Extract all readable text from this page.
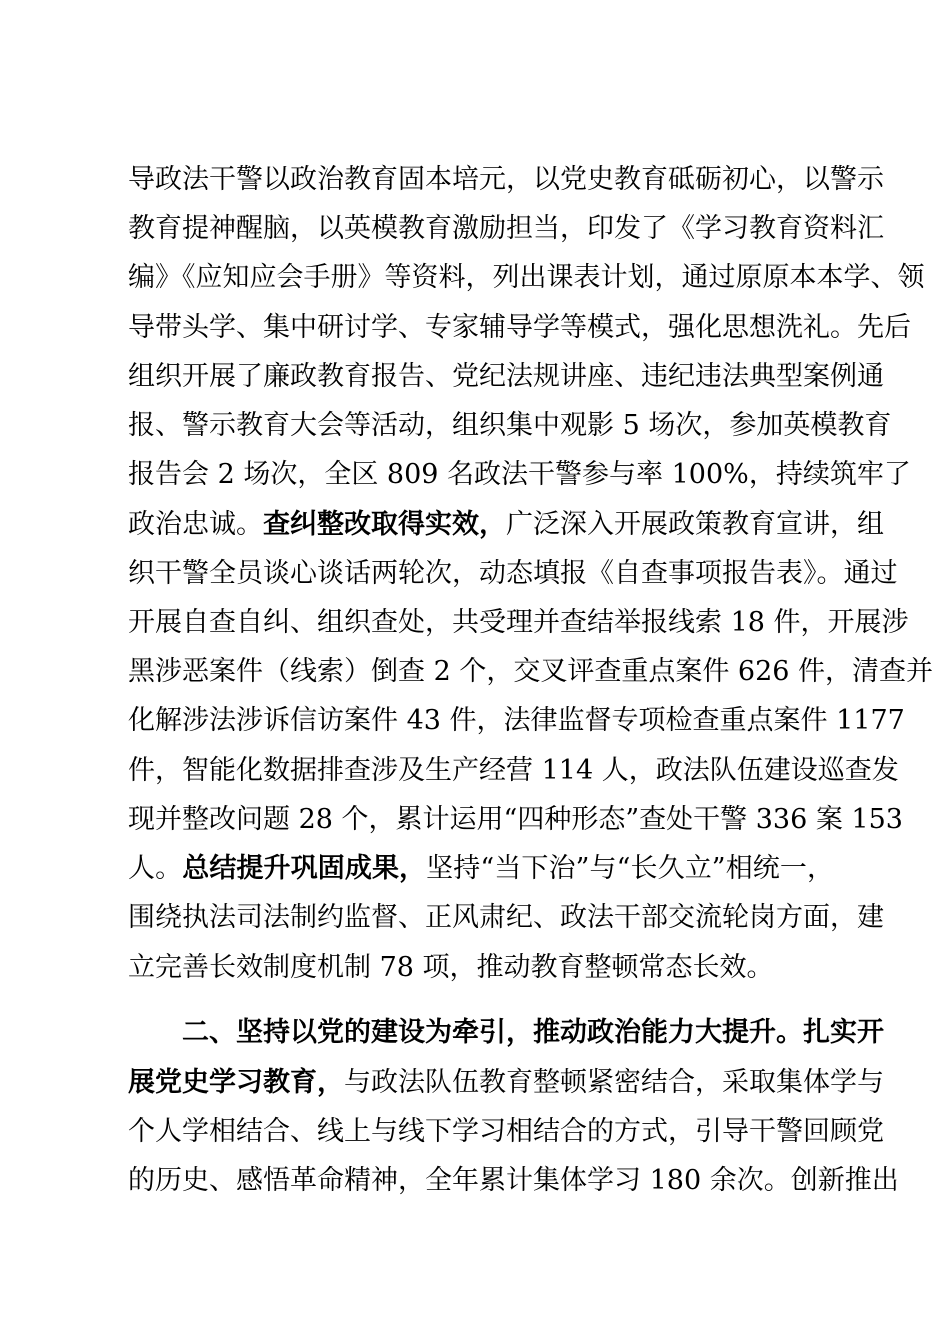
导政法干警以政治教育固本培元，以党史教育砥砺初心，以警示
教育提神醒脑，以英模教育激励担当，印发了《学习教育资料汇
编》《应知应会手册》等资料，列出课表计划，通过原原本本学、领
导带头学、集中研讨学、专家辅导学等模式，强化思想洗礼。先后
组织开展了廉政教育报告、党纪法规讲座、违纪违法典型案例通
报、警示教育大会等活动，组织集中观影 5 场次，参加英模教育
报告会 2 场次，全区 809 名政法干警参与率 100%，持续筑牢了
政治忠诚。查纠整改取得实效，广泛深入开展政策教育宣讲，组
织干警全员谈心谈话两轮次，动态填报《自查事项报告表》。通过
开展自查自纠、组织查处，共受理并查结举报线索 18 件，开展涉
黑涉恶案件（线索）倒查 2 个，交叉评查重点案件 626 件，清查并
化解涉法涉诉信访案件 43 件，法律监督专项检查重点案件 1177
件，智能化数据排查涉及生产经营 114 人，政法队伍建设巡查发
现并整改问题 28 个，累计运用“四种形态”查处干警 336 案 153
人。总结提升巩固成果，坚持“当下治”与“长久立”相统一，
围绕执法司法制约监督、正风肃纪、政法干部交流轮岗方面，建
立完善长效制度机制 78 项，推动教育整顿常态长效。
二、坚持以党的建设为牵引，推动政治能力大提升。扎实开
展党史学习教育，与政法队伍教育整顿紧密结合，采取集体学与
个人学相结合、线上与线下学习相结合的方式，引导干警回顾党
的历史、感悟革命精神，全年累计集体学习 180 余次。创新推出
